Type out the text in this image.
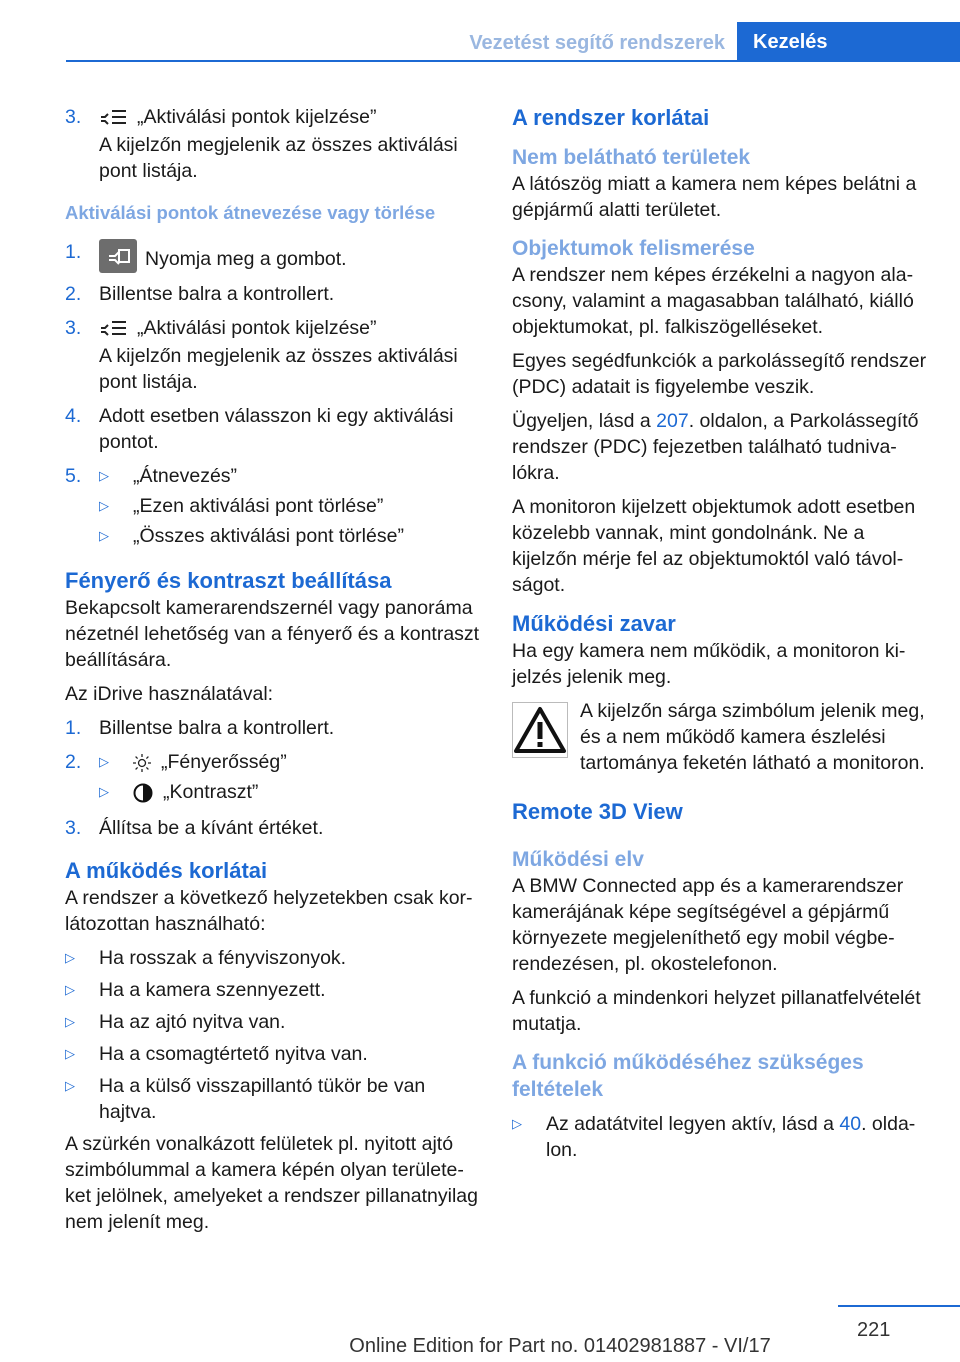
Vezetést segítő rendszerek	Kezelés
3.	„Aktiválási pontok kijelzése”

A kijelzőn megjelenik az összes aktiválási pont listája.

Aktiválási pontok átnevezése vagy törlése
1.	Nyomja meg a gombot.

2. Billentse balra a kontrollert.

3.	„Aktiválási pontok kijelzése”

A kijelzőn megjelenik az összes aktiválási pont listája.

4. Adott esetben válasszon ki egy aktiválási pontot.

5.	▷	„Átnevezés”
▷	„Ezen aktiválási pont törlése”
▷	„Összes aktiválási pont törlése”
Fényerő és kontraszt beállítása

Bekapcsolt kamerarendszernél vagy panoráma nézetnél lehetőség van a fényerő és a kontraszt beállítására.

Az iDrive használatával:

1. Billentse balra a kontrollert.

2.	▷	„Fényerősség”
▷	„Kontraszt”
3. Állítsa be a kívánt értéket.

A működés korlátai

A rendszer a következő helyzetekben csak korlátozottan használható:

▷	Ha rosszak a fényviszonyok.
▷	Ha a kamera szennyezett.
▷	Ha az ajtó nyitva van.
▷	Ha a csomagtértető nyitva van.
▷	Ha a külső visszapillantó tükör be van hajtva.

A szürkén vonalkázott felületek pl. nyitott ajtó szimbólummal a kamera képén olyan területeket jelölnek, amelyeket a rendszer pillanatnyilag nem jelenít meg.

A rendszer korlátai
Nem belátható területek

A látószög miatt a kamera nem képes belátni a gépjármű alatti területet.

Objektumok felismerése

A rendszer nem képes érzékelni a nagyon alacsony, valamint a magasabban található, kiálló objektumokat, pl. falkiszögelléseket.

Egyes segédfunkciók a parkolássegítő rendszer (PDC) adatait is figyelembe veszik.

Ügyeljen, lásd a 207. oldalon, a Parkolássegítő rendszer (PDC) fejezetben található tudnivalókra.

A monitoron kijelzett objektumok adott esetben közelebb vannak, mint gondolnánk. Ne a kijelzőn mérje fel az objektumoktól való távolságot.

Működési zavar

Ha egy kamera nem működik, a monitoron kijelzés jelenik meg.

A kijelzőn sárga szimbólum jelenik meg, és a nem működő kamera észlelési tartománya feketén látható a monitoron.

Remote 3D View
Működési elv

A BMW Connected app és a kamerarendszer kamerájának képe segítségével a gépjármű környezete megjeleníthető egy mobil végberendezésen, pl. okostelefonon.

A funkció a mindenkori helyzet pillanatfelvételét mutatja.

A funkció működéséhez szükséges feltételek
▷	Az adatátvitel legyen aktív, lásd a 40. oldalon.
221
Online Edition for Part no. 01402981887 - VI/17
